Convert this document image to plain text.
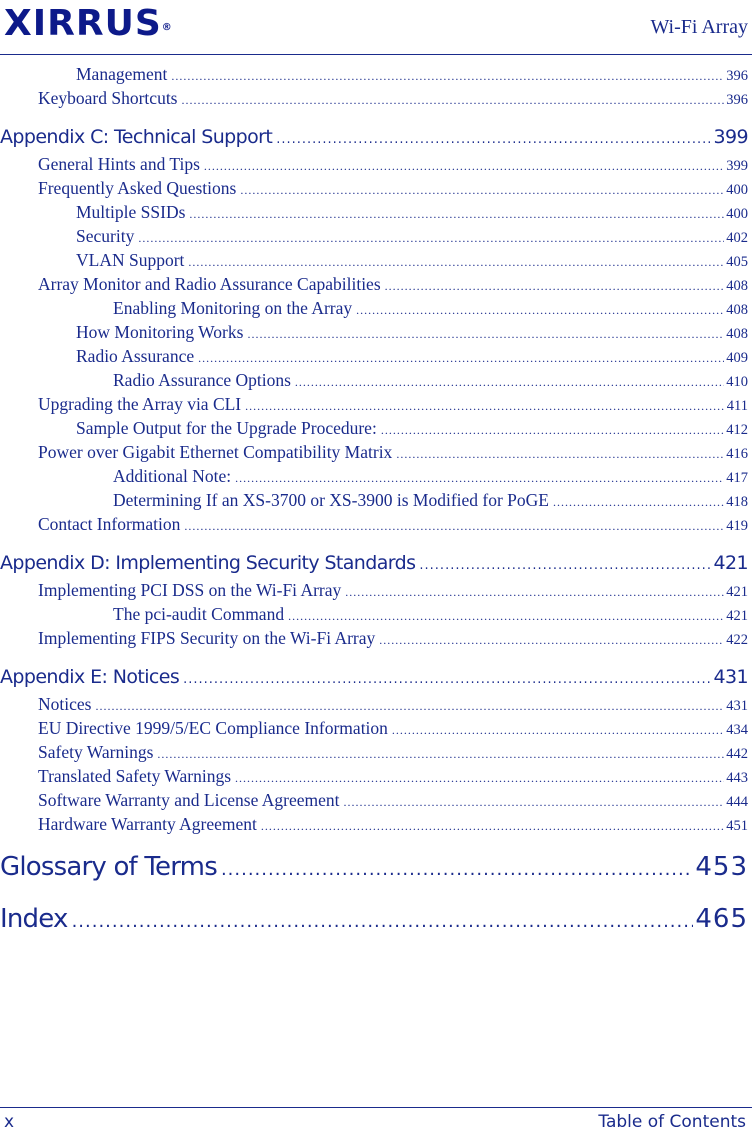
XIRRUS®	Wi-Fi Array
Management .....	396
Keyboard Shortcuts .....	396
Appendix C: Technical Support .....	399
General Hints and Tips .....	399
Frequently Asked Questions .....	400
Multiple SSIDs .....	400
Security .....	402
VLAN Support .....	405
Array Monitor and Radio Assurance Capabilities .....	408
Enabling Monitoring on the Array .....	408
How Monitoring Works .....	408
Radio Assurance .....	409
Radio Assurance Options .....	410
Upgrading the Array via CLI .....	411
Sample Output for the Upgrade Procedure: .....	412
Power over Gigabit Ethernet Compatibility Matrix .....	416
Additional Note: .....	417
Determining If an XS-3700 or XS-3900 is Modified for PoGE .....	418
Contact Information .....	419
Appendix D: Implementing Security Standards .....	421
Implementing PCI DSS on the Wi-Fi Array .....	421
The pci-audit Command .....	421
Implementing FIPS Security on the Wi-Fi Array .....	422
Appendix E: Notices .....	431
Notices .....	431
EU Directive 1999/5/EC Compliance Information .....	434
Safety Warnings .....	442
Translated Safety Warnings .....	443
Software Warranty and License Agreement .....	444
Hardware Warranty Agreement .....	451
Glossary of Terms .....	453
Index .....	465
x	Table of Contents
